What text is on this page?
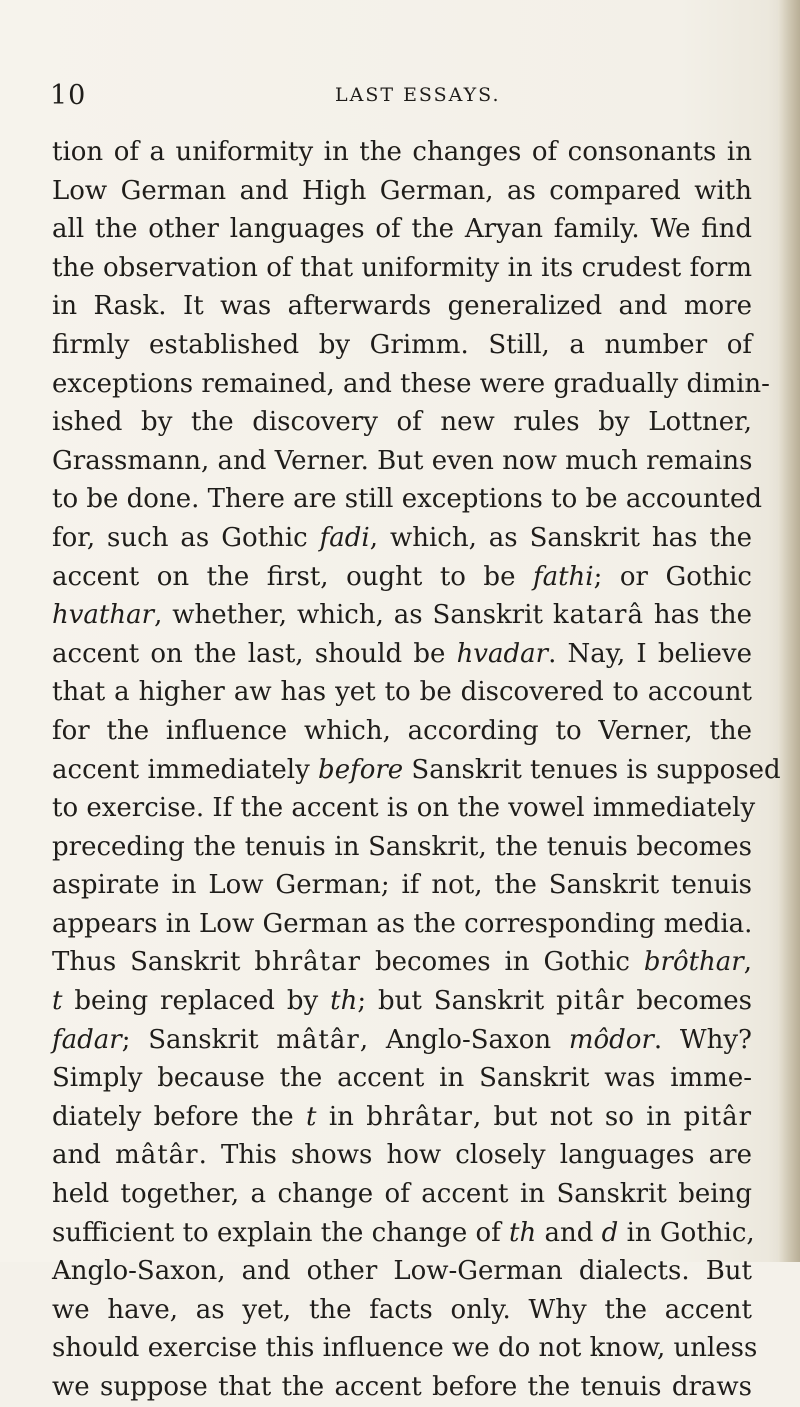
10	LAST ESSAYS.
tion of a uniformity in the changes of consonants in
Low German and High German, as compared with
all the other languages of the Aryan family. We find
the observation of that uniformity in its crudest form
in Rask. It was afterwards generalized and more
firmly established by Grimm. Still, a number of
exceptions remained, and these were gradually dimin-
ished by the discovery of new rules by Lottner,
Grassmann, and Verner. But even now much remains
to be done. There are still exceptions to be accounted
for, such as Gothic fadi, which, as Sanskrit has the
accent on the first, ought to be fathi; or Gothic
hvathar, whether, which, as Sanskrit katarâ has the
accent on the last, should be hvadar. Nay, I believe
that a higher aw has yet to be discovered to account
for the influence which, according to Verner, the
accent immediately before Sanskrit tenues is supposed
to exercise. If the accent is on the vowel immediately
preceding the tenuis in Sanskrit, the tenuis becomes
aspirate in Low German; if not, the Sanskrit tenuis
appears in Low German as the corresponding media.
Thus Sanskrit bhrâtar becomes in Gothic brôthar,
t being replaced by th; but Sanskrit pitâr becomes
fadar; Sanskrit mâtâr, Anglo-Saxon môdor. Why?
Simply because the accent in Sanskrit was imme-
diately before the t in bhrâtar, but not so in pitâr
and mâtâr. This shows how closely languages are
held together, a change of accent in Sanskrit being
sufficient to explain the change of th and d in Gothic,
Anglo-Saxon, and other Low-German dialects. But
we have, as yet, the facts only. Why the accent
should exercise this influence we do not know, unless
we suppose that the accent before the tenuis draws
